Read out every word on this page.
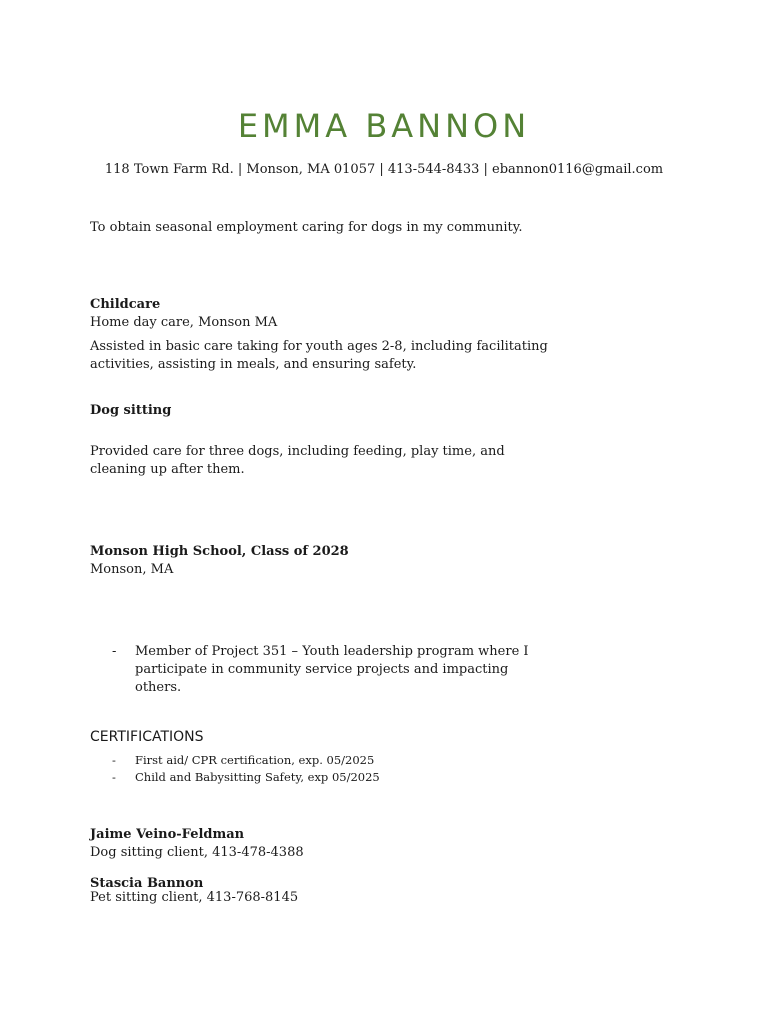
EMMA BANNON
118 Town Farm Rd. | Monson, MA 01057 | 413-544-8433 | ebannon0116@gmail.com
To obtain seasonal employment caring for dogs in my community.
Childcare
Home day care, Monson MA
Assisted in basic care taking for youth ages 2-8, including facilitating activities, assisting in meals, and ensuring safety.
Dog sitting
Provided care for three dogs, including feeding, play time, and cleaning up after them.
Monson High School, Class of 2028
Monson, MA
- Member of Project 351 – Youth leadership program where I participate in community service projects and impacting others.
CERTIFICATIONS
- First aid/ CPR certification, exp. 05/2025
- Child and Babysitting Safety, exp 05/2025
Jaime Veino-Feldman
Dog sitting client, 413-478-4388
Stascia Bannon
Pet sitting client, 413-768-8145
